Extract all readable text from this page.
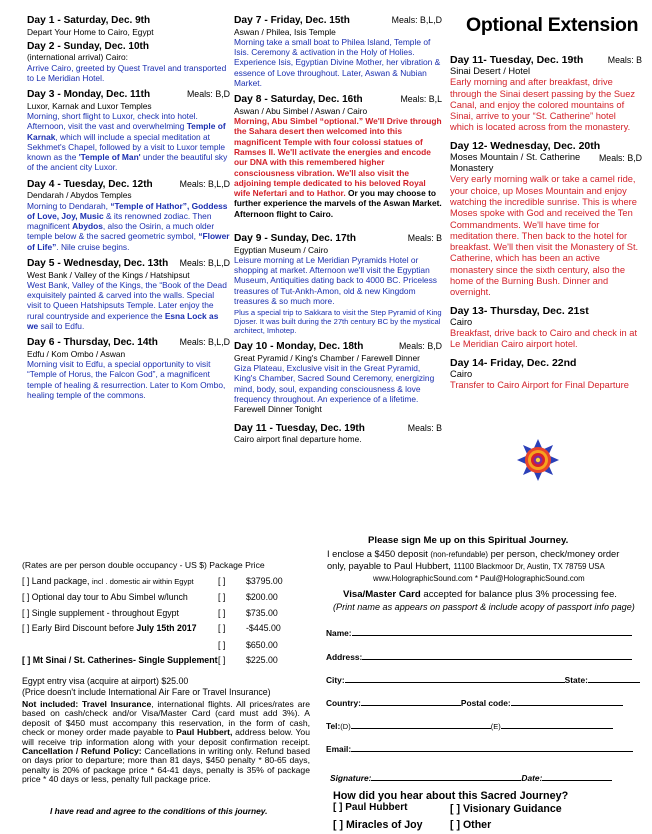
Day 1 - Saturday, Dec. 9th
Depart Your Home to Cairo, Egypt
Day 2 - Sunday, Dec. 10th
(international arrival) Cairo:
Arrive Cairo, greeted by Quest Travel and transported to Le Meridian Hotel.
Day 3 - Monday, Dec. 11th	Meals: B,D
Luxor, Karnak and Luxor Temples
Morning, short flight to Luxor, check into hotel. Afternoon, visit the vast and overwhelming Temple of Karnak, which will include a special meditation at Sekhmet's Chapel, followed by a visit to Luxor temple known as the 'Temple of Man' under the beautiful sky of the ancient city Luxor.
Day 4 - Tuesday, Dec. 12th	Meals: B,L,D
Dendarah / Abydos Temples
Morning to Dendarah, “Temple of Hathor”, Goddess of Love, Joy, Music & its renowned zodiac. Then magnificent Abydos, also the Osirin, a much older temple below & the sacred geometric symbol, “Flower of Life”. Nile cruise begins.
Day 5 - Wednesday, Dec. 13th Meals: B,L,D
West Bank / Valley of the Kings / Hatshipsut
West Bank, Valley of the Kings, the “Book of the Dead exquisitely painted & carved into the walls. Special visit to Queen Hatshipsuts Temple. Later enjoy the rural countryside and experience the Esna Lock as we sail to Edfu.
Day 6 - Thursday, Dec. 14th Meals: B,L,D
Edfu / Kom Ombo / Aswan
Morning visit to Edfu, a special opportunity to visit “Temple of Horus, the Falcon God”, a magnificent temple of healing & resurrection. Later to Kom Ombo, healing temple of the commons.
Day 7 - Friday, Dec. 15th	Meals: B,L,D
Aswan / Philea, Isis Temple
Morning take a small boat to Philea Island, Temple of Isis. Ceremony & activation in the Holy of Holies. Experience Isis, Egyptian Divine Mother, her vibration & essence of Love throughout. Later, Aswan & Nubian Market.
Day 8 - Saturday, Dec. 16th	Meals: B,L
Aswan / Abu Simbel / Aswan / Cairo
Morning, Abu Simbel “optional.” We'll Drive through the Sahara desert then welcomed into this magnificent Temple with four colossi statues of Ramses II. We'll activate the energies and encode our DNA with this remembered higher consciousness vibration. We'll also visit the adjoining temple dedicated to his beloved Royal wife Nefertari and to Hathor. Or you may choose to further experience the marvels of the Aswan Market. Afternoon flight to Cairo.
Day 9 - Sunday, Dec. 17th	Meals: B
Egyptian Museum / Cairo
Leisure morning at Le Meridian Pyramids Hotel or shopping at market. Afternoon we'll visit the Egyptian Museum, Antiquities dating back to 4000 BC. Priceless treasures of Tut-Ankh-Amon, old & new Kingdom treasures & so much more.
Plus a special trip to Sakkara to visit the Step Pyramid of King Djoser. It was built during the 27th century BC by the mystical architect, Imhotep.
Day 10 - Monday, Dec. 18th	Meals: B,D
Great Pyramid / King's Chamber / Farewell Dinner
Giza Plateau, Exclusive visit in the Great Pyramid, King's Chamber, Sacred Sound Ceremony, energizing mind, body, soul, expanding consciousness & love frequency throughout. An experience of a lifetime. Farewell Dinner Tonight
Day 11 - Tuesday, Dec. 19th	Meals: B
Cairo airport final departure home.
Optional Extension
Day 11- Tuesday, Dec. 19th	Meals: B
Sinai Desert / Hotel
Early morning and after breakfast, drive through the Sinai desert passing by the Suez Canal, and enjoy the colored mountains of Sinai, arrive to your “St. Catherine” hotel which is located across from the monastery.
Day 12- Wednesday, Dec. 20th
Meals: B,D
Moses Mountain / St. Catherine Monastery
Very early morning walk or take a camel ride, your choice, up Moses Mountain and enjoy watching the incredible sunrise. This is where Moses spoke with God and received the Ten Commandments. We'll have time for meditation there. Then back to the hotel for breakfast. We'll then visit the Monastery of St. Catherine, which has been an active monastery since the sixth century, also the home of the Burning Bush. Dinner and overnight.
Day 13- Thursday, Dec. 21st
Cairo
Breakfast, drive back to Cairo and check in at Le Meridian Cairo airport hotel.
Day 14- Friday, Dec. 22nd
Cairo
Transfer to Cairo Airport for Final Departure
(Rates are per person double occupancy - US $) Package Price
[ ] Land package, incl . domestic air within Egypt	[ ] $3795.00
[ ] Optional day tour to Abu Simbel w/lunch	[ ] $200.00
[ ] Single supplement - throughout Egypt	[ ] $735.00
[ ] Early Bird Discount before July 15th 2017 [ ] -$445.00
[ ] $650.00
[ ] Mt Sinai / St. Catherines- Single Supplement [ ] $225.00
Egypt entry visa (acquire at airport) $25.00
(Price doesn't include International Air Fare or Travel Insurance)
Not included: Travel Insurance, international flights. All prices/rates are based on cash/check and/or Visa/Master Card (card must add 3%). A deposit of $450 must accompany this reservation, in the form of cash, check or money order made payable to Paul Hubbert, address below. You will receive trip information along with your deposit confirmation receipt. Cancellation / Refund Policy: Cancellations in writing only. Refund based on days prior to departure; more than 81 days, $450 penalty * 80-65 days, penalty is 20% of package price * 64-41 days, penalty is 35% of package price * 40 days or less, penalty full package price.
I have read and agree to the conditions of this journey.
Please sign Me up on this Spiritual Journey.
I enclose a $450 deposit (non-refundable) per person, check/money order
only, payable to Paul Hubbert, 11100 Blackmoor Dr, Austin, TX 78759 USA
www.HolographicSound.com * Paul@HolographicSound.com
Visa/Master Card accepted for balance plus 3% processing fee.
(Print name as appears on passport & include acopy of passport info page)
Name:
Address:
City:	State:
Country:	Postal code:
Tel:(D)	(E)
Email:
Signature:	Date:
How did you hear about this Sacred Journey?
[ ] Paul Hubbert	[ ] Visionary Guidance
[ ] Miracles of Joy	[ ] Other
